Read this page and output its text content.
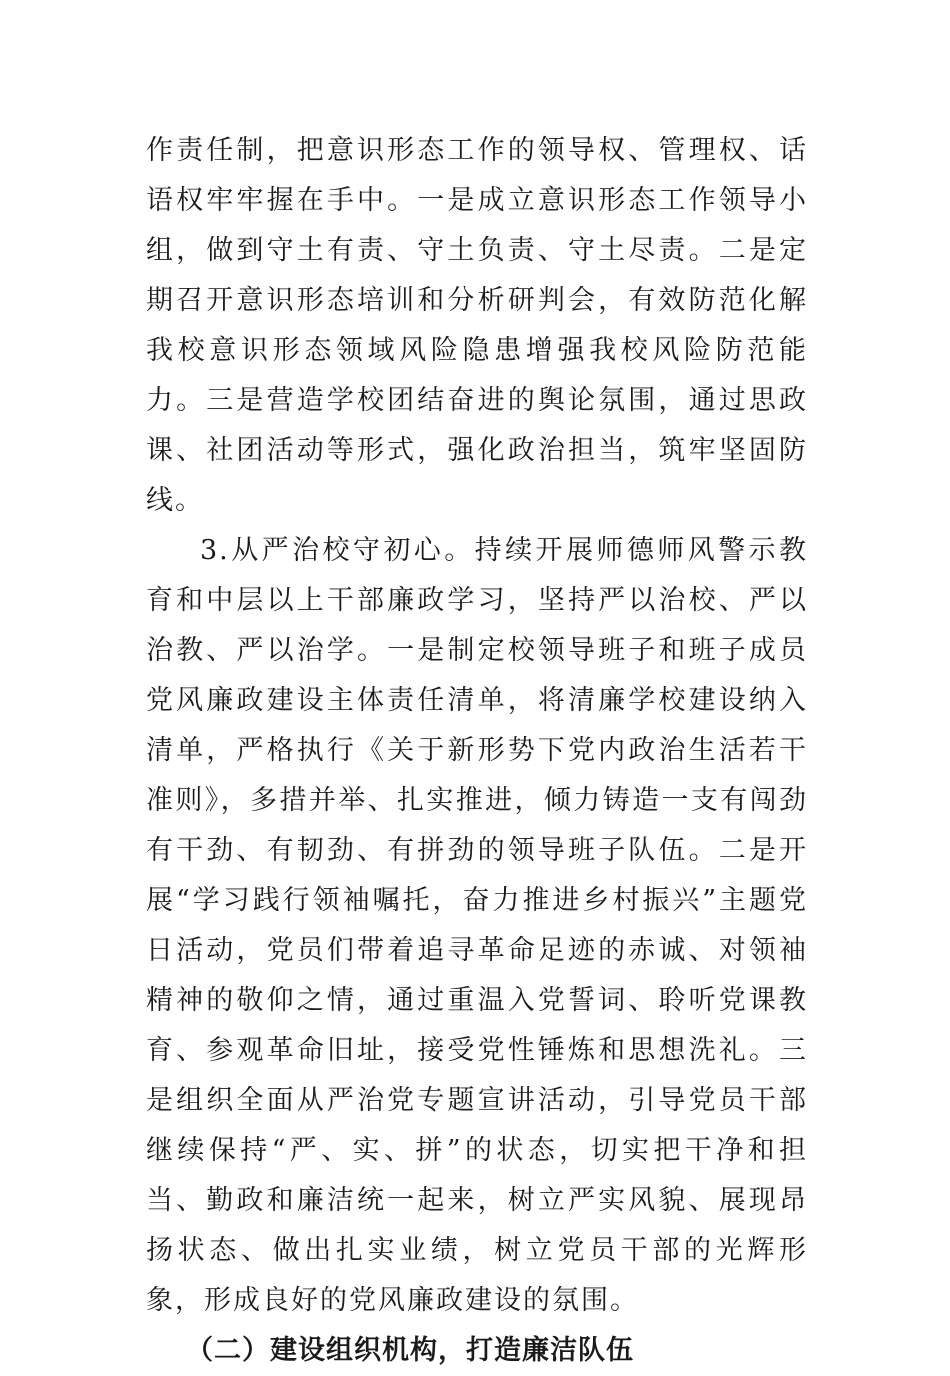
作责任制，把意识形态工作的领导权、管理权、话语权牢牢握在手中。一是成立意识形态工作领导小组，做到守土有责、守土负责、守土尽责。二是定期召开意识形态培训和分析研判会，有效防范化解我校意识形态领域风险隐患增强我校风险防范能力。三是营造学校团结奋进的舆论氛围，通过思政课、社团活动等形式，强化政治担当，筑牢坚固防线。

3.从严治校守初心。持续开展师德师风警示教育和中层以上干部廉政学习，坚持严以治校、严以治教、严以治学。一是制定校领导班子和班子成员党风廉政建设主体责任清单，将清廉学校建设纳入清单，严格执行《关于新形势下党内政治生活若干准则》，多措并举、扎实推进，倾力铸造一支有闯劲有干劲、有韧劲、有拼劲的领导班子队伍。二是开展“学习践行领袖嘱托，奋力推进乡村振兴”主题党日活动，党员们带着追寻革命足迹的赤诚、对领袖精神的敬仰之情，通过重温入党誓词、聆听党课教育、参观革命旧址，接受党性锤炼和思想洗礼。三是组织全面从严治党专题宣讲活动，引导党员干部继续保持“严、实、拼”的状态，切实把干净和担当、勤政和廉洁统一起来，树立严实风貌、展现昂扬状态、做出扎实业绩，树立党员干部的光辉形象，形成良好的党风廉政建设的氛围。

（二）建设组织机构，打造廉洁队伍
